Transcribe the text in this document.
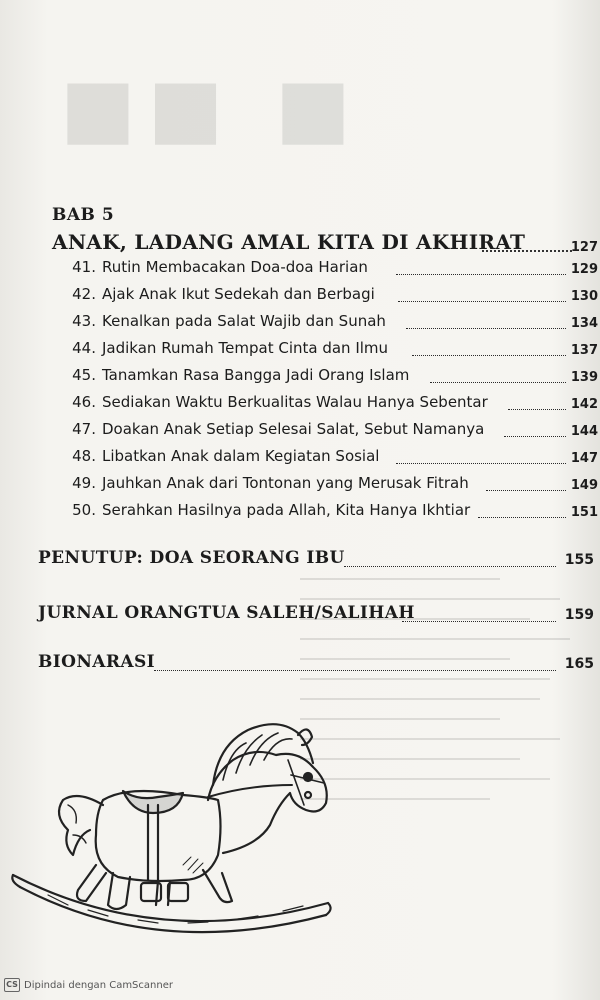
■■ ■
BAB 5
ANAK, LADANG AMAL KITA DI AKHIRAT	127
41. Rutin Membacakan Doa-doa Harian	129
42. Ajak Anak Ikut Sedekah dan Berbagi	130
43. Kenalkan pada Salat Wajib dan Sunah	134
44. Jadikan Rumah Tempat Cinta dan Ilmu	137
45. Tanamkan Rasa Bangga Jadi Orang Islam	139
46. Sediakan Waktu Berkualitas Walau Hanya Sebentar	142
47. Doakan Anak Setiap Selesai Salat, Sebut Namanya	144
48. Libatkan Anak dalam Kegiatan Sosial	147
49. Jauhkan Anak dari Tontonan yang Merusak Fitrah	149
50. Serahkan Hasilnya pada Allah, Kita Hanya Ikhtiar	151
PENUTUP: DOA SEORANG IBU	155
JURNAL ORANGTUA SALEH/SALIHAH	159
BIONARASI	165
CS Dipindai dengan CamScanner
